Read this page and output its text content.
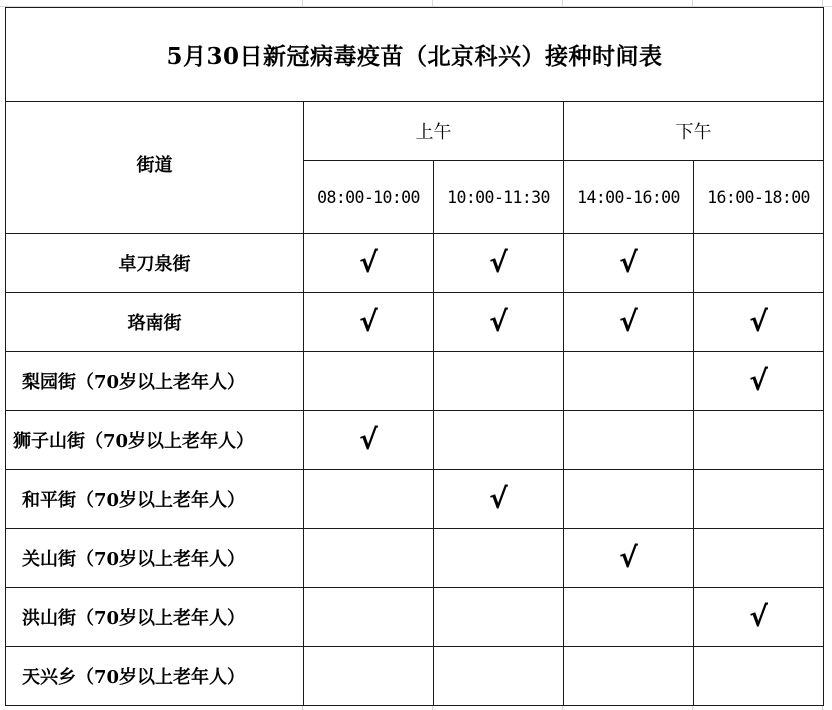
5月30日新冠病毒疫苗（北京科兴）接种时间表				
街道	上午		下午	
	08:00-10:00	10:00-11:30	14:00-16:00	16:00-18:00
卓刀泉街	√	√	√	
珞南街	√	√	√	√
梨园街（70岁以上老年人）				√
狮子山街（70岁以上老年人）	√			
和平街（70岁以上老年人）		√		
关山街（70岁以上老年人）			√	
洪山街（70岁以上老年人）				√
天兴乡（70岁以上老年人）				
